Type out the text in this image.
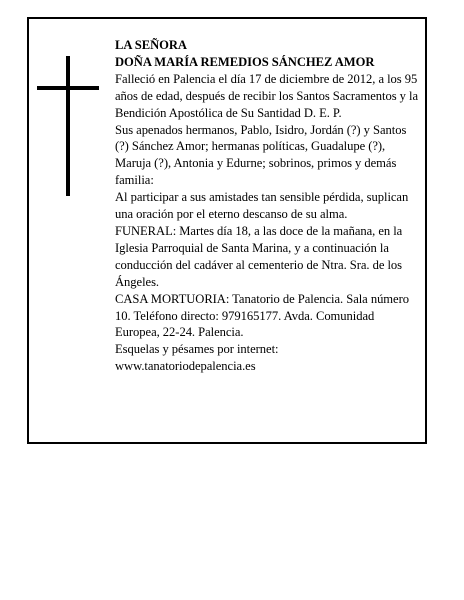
LA SEÑORA

DOÑA MARÍA REMEDIOS SÁNCHEZ AMOR

Falleció en Palencia el día 17 de diciembre de 2012, a los 95 años de edad, después de recibir los Santos Sacramentos y la Bendición Apostólica de Su Santidad D. E. P.

Sus apenados hermanos, Pablo, Isidro, Jordán (?) y Santos (?) Sánchez Amor; hermanas políticas, Guadalupe (?), Maruja (?), Antonia y Edurne; sobrinos, primos y demás familia:

Al participar a sus amistades tan sensible pérdida, suplican una oración por el eterno descanso de su alma.

FUNERAL: Martes día 18, a las doce de la mañana, en la Iglesia Parroquial de Santa Marina, y a continuación la conducción del cadáver al cementerio de Ntra. Sra. de los Ángeles.

CASA MORTUORIA: Tanatorio de Palencia. Sala número 10. Teléfono directo: 979165177. Avda. Comunidad Europea, 22-24. Palencia.

Esquelas y pésames por internet:

www.tanatoriodepalencia.es
